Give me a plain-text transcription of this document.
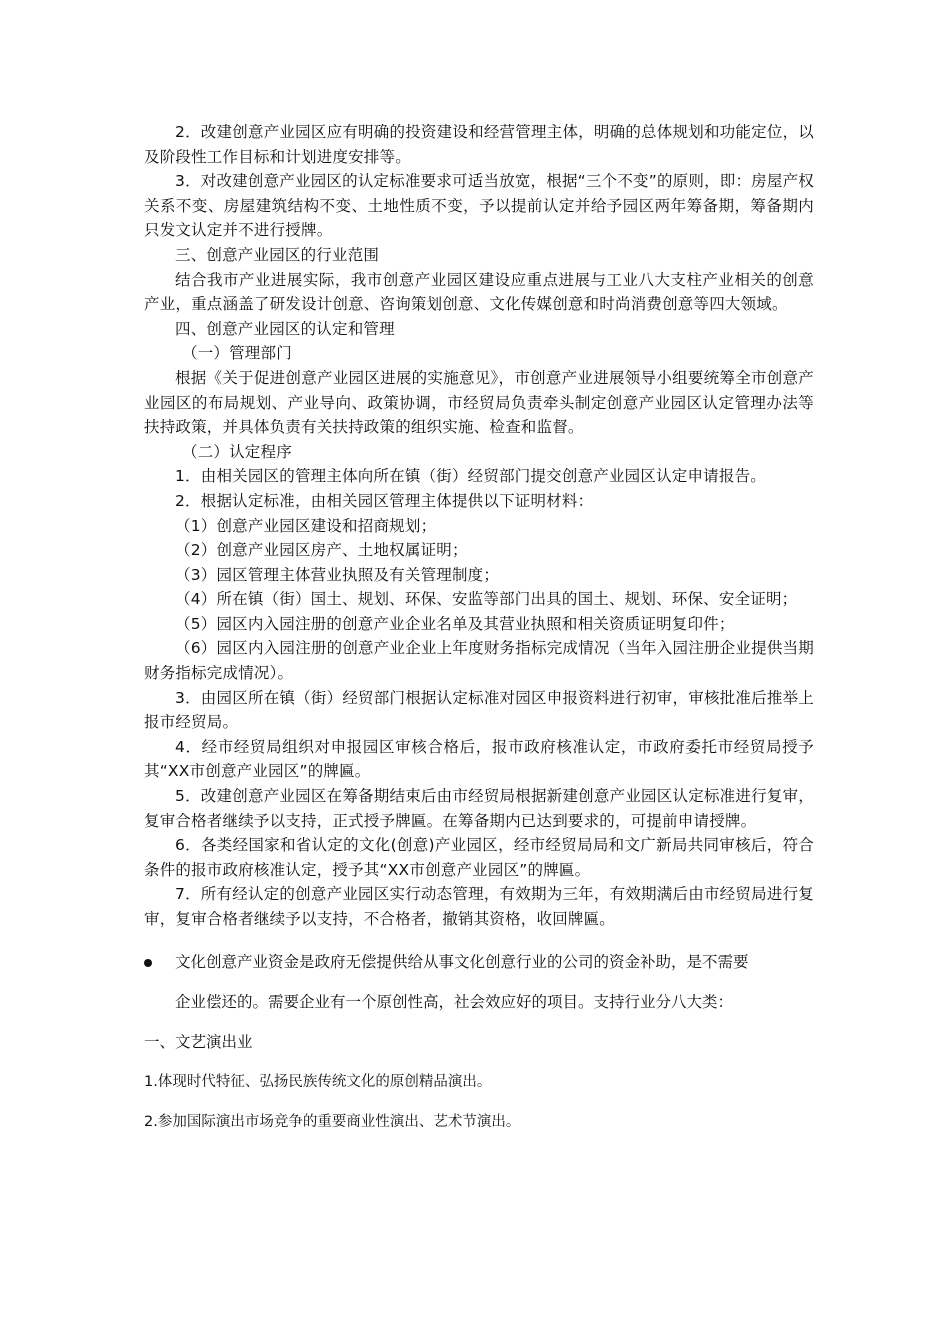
2．改建创意产业园区应有明确的投资建设和经营管理主体，明确的总体规划和功能定位，以及阶段性工作目标和计划进度安排等。

3．对改建创意产业园区的认定标准要求可适当放宽，根据“三个不变”的原则，即：房屋产权关系不变、房屋建筑结构不变、土地性质不变，予以提前认定并给予园区两年筹备期，筹备期内只发文认定并不进行授牌。

三、创意产业园区的行业范围

结合我市产业进展实际，我市创意产业园区建设应重点进展与工业八大支柱产业相关的创意产业，重点涵盖了研发设计创意、咨询策划创意、文化传媒创意和时尚消费创意等四大领域。

四、创意产业园区的认定和管理

（一）管理部门

根据《关于促进创意产业园区进展的实施意见》，市创意产业进展领导小组要统筹全市创意产业园区的布局规划、产业导向、政策协调，市经贸局负责牵头制定创意产业园区认定管理办法等扶持政策，并具体负责有关扶持政策的组织实施、检查和监督。

（二）认定程序

1．由相关园区的管理主体向所在镇（街）经贸部门提交创意产业园区认定申请报告。

2．根据认定标准，由相关园区管理主体提供以下证明材料：

（1）创意产业园区建设和招商规划；

（2）创意产业园区房产、土地权属证明；

（3）园区管理主体营业执照及有关管理制度；

（4）所在镇（街）国土、规划、环保、安监等部门出具的国土、规划、环保、安全证明；

（5）园区内入园注册的创意产业企业名单及其营业执照和相关资质证明复印件；

（6）园区内入园注册的创意产业企业上年度财务指标完成情况（当年入园注册企业提供当期财务指标完成情况）。

3．由园区所在镇（街）经贸部门根据认定标准对园区申报资料进行初审，审核批准后推举上报市经贸局。

4．经市经贸局组织对申报园区审核合格后，报市政府核准认定，市政府委托市经贸局授予其“XX市创意产业园区”的牌匾。

5．改建创意产业园区在筹备期结束后由市经贸局根据新建创意产业园区认定标准进行复审，复审合格者继续予以支持，正式授予牌匾。在筹备期内已达到要求的，可提前申请授牌。

6．各类经国家和省认定的文化(创意)产业园区，经市经贸局局和文广新局共同审核后，符合条件的报市政府核准认定，授予其“XX市创意产业园区”的牌匾。

7．所有经认定的创意产业园区实行动态管理，有效期为三年，有效期满后由市经贸局进行复审，复审合格者继续予以支持，不合格者，撤销其资格，收回牌匾。

文化创意产业资金是政府无偿提供给从事文化创意行业的公司的资金补助，是不需要

企业偿还的。需要企业有一个原创性高，社会效应好的项目。支持行业分八大类：

一、文艺演出业

1.体现时代特征、弘扬民族传统文化的原创精品演出。

2.参加国际演出市场竞争的重要商业性演出、艺术节演出。
